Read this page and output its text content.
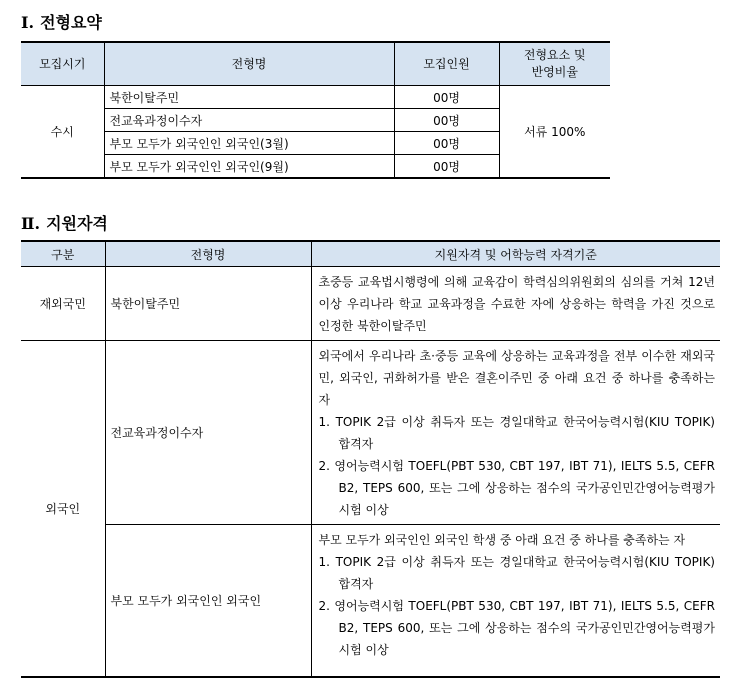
Ⅰ. 전형요약
모집시기	전형명	모집인원	전형요소 및
반영비율
수시	북한이탈주민	00명	서류 100%
	전교육과정이수자	00명	
	부모 모두가 외국인인 외국인(3월)	00명	
	부모 모두가 외국인인 외국인(9월)	00명	
Ⅱ. 지원자격
구분	전형명	지원자격 및 어학능력 자격기준
재외국민	북한이탈주민	초중등 교육법시행령에 의해 교육감이 학력심의위원회의 심의를 거쳐 12년 이상 우리나라 학교 교육과정을 수료한 자에 상응하는 학력을 가진 것으로 인정한 북한이탈주민
외국인	전교육과정이수자	외국에서 우리나라 초·중등 교육에 상응하는 교육과정을 전부 이수한 재외국민, 외국인, 귀화허가를 받은 결혼이주민 중 아래 요건 중 하나를 충족하는 자
1. TOPIK 2급 이상 취득자 또는 경일대학교 한국어능력시험(KIU TOPIK) 합격자
2. 영어능력시험 TOEFL(PBT 530, CBT 197, IBT 71), IELTS 5.5, CEFR B2, TEPS 600, 또는 그에 상응하는 점수의 국가공인민간영어능력평가시험 이상

	부모 모두가 외국인인 외국인	부모 모두가 외국인인 외국인 학생 중 아래 요건 중 하나를 충족하는 자
1. TOPIK 2급 이상 취득자 또는 경일대학교 한국어능력시험(KIU TOPIK) 합격자
2. 영어능력시험 TOEFL(PBT 530, CBT 197, IBT 71), IELTS 5.5, CEFR B2, TEPS 600, 또는 그에 상응하는 점수의 국가공인민간영어능력평가시험 이상
